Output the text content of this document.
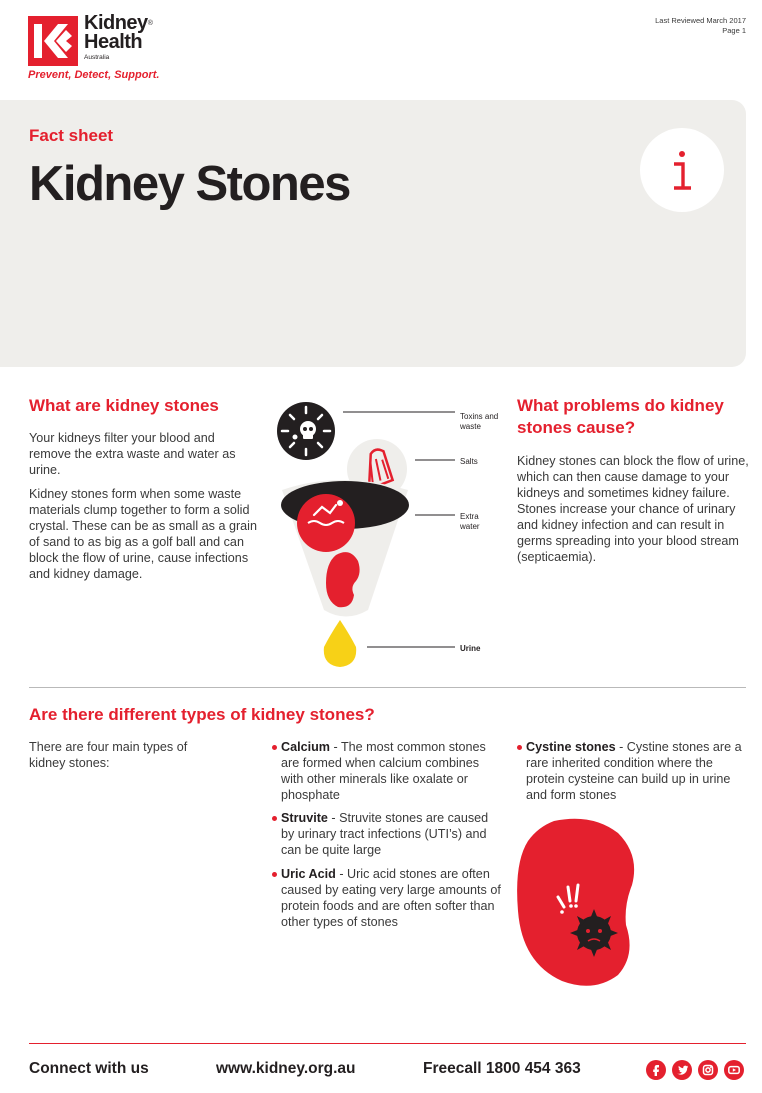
Kidney®
Health
Australia
Prevent, Detect, Support.
Last Reviewed March 2017
Page 1
Fact sheet
Kidney Stones
What are kidney stones
Your kidneys filter your blood and remove the extra waste and water as urine.
Kidney stones form when some waste materials clump together to form a solid crystal. These can be as small as a grain of sand to as big as a golf ball and can block the flow of urine, cause infections and kidney damage.
Toxins and waste
Salts
Extra water
Urine
What problems do kidney stones cause?
Kidney stones can block the flow of urine, which can then cause damage to your kidneys and sometimes kidney failure. Stones increase your chance of urinary and kidney infection and can result in germs spreading into your blood stream (septicaemia).
Are there different types of kidney stones?
There are four main types of kidney stones:
Calcium - The most common stones are formed when calcium combines with other minerals like oxalate or phosphate
Struvite - Struvite stones are caused by urinary tract infections (UTI’s) and can be quite large
Uric Acid - Uric acid stones are often caused by eating very large amounts of protein foods and are often softer than other types of stones
Cystine stones - Cystine stones are a rare inherited condition where the protein cysteine can build up in urine and form stones
Connect with us	www.kidney.org.au	Freecall 1800 454 363
